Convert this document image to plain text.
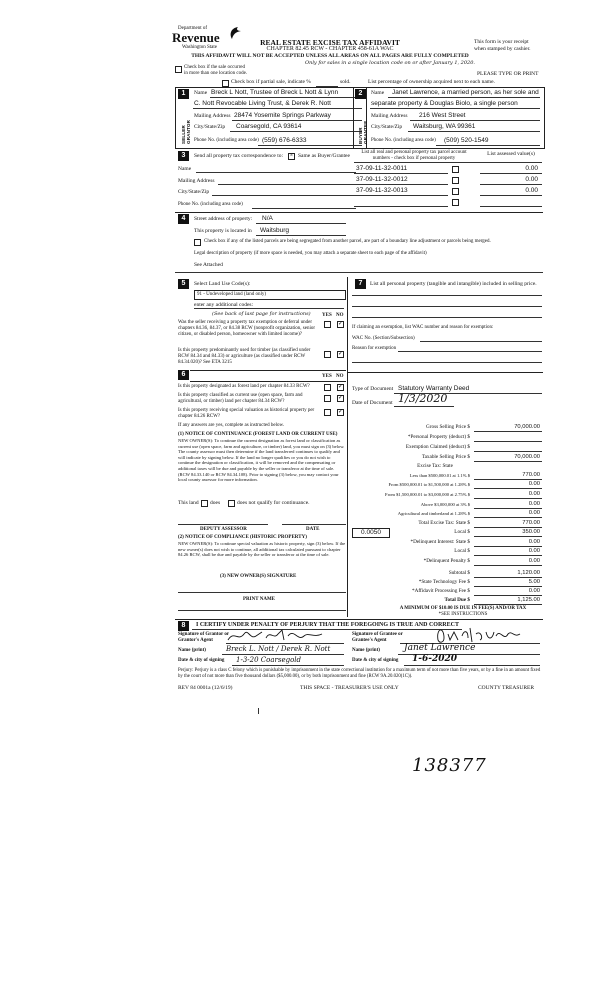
Department of
Revenue
Washington State
REAL ESTATE EXCISE TAX AFFIDAVIT
CHAPTER 82.45 RCW - CHAPTER 458-61A WAC
THIS AFFIDAVIT WILL NOT BE ACCEPTED UNLESS ALL AREAS ON ALL PAGES ARE FULLY COMPLETED
Only for sales in a single location code on or after January 1, 2020.
This form is your receipt
when stamped by cashier.
PLEASE TYPE OR PRINT
Check box if the sale occurred in more than one location code.
Check box if partial sale, indicate %	sold.	List percentage of ownership acquired next to each name.
1
SELLER GRANTOR
Name Breck L Nott, Trustee of Breck L Nott & Lynn
C. Nott Revocable Living Trust, & Derek R. Nott
Mailing Address 28474 Yosemite Springs Parkway
City/State/Zip Coarsegold, CA 93614
Phone No. (including area code) (559) 676-6333
2
BUYER GRANTEE
Name Janet Lawrence, a married person, as her sole and
separate property & Douglas Biolo, a single person
Mailing Address 216 West Street
City/State/Zip Waitsburg, WA 99361
Phone No. (including area code) (509) 520-1549
3	Send all property tax correspondence to: × Same as Buyer/Grantee
Name
Mailing Address
City/State/Zip
Phone No. (including area code)
List all real and personal property tax parcel account numbers - check box if personal property
List assessed value(s)
37-09-11-32-0011	0.00
37-09-11-32-0012	0.00
37-09-11-32-0013	0.00
4	Street address of property: N/A
This property is located in Waitsburg
Check box if any of the listed parcels are being segregated from another parcel, are part of a boundary line adjustment or parcels being merged.
Legal description of property (if more space is needed, you may attach a separate sheet to each page of the affidavit)
See Attached
5	Select Land Use Code(s):
91 - Undeveloped land (land only)
enter any additional codes:
(See back of last page for instructions) YES NO
Was the seller receiving a property tax exemption or deferral under chapters 84.36, 84.37, or 84.38 RCW (nonprofit organization, senior citizen, or disabled person, homeowner with limited income)?
✓
Is this property predominantly used for timber (as classified under RCW 84.34 and 84.33) or agriculture (as classified under RCW 84.34.020)? See ETA 3215
✓
6	YES NO
Is this property designated as forest land per chapter 84.33 RCW?	✓
Is this property classified as current use (open space, farm and agricultural, or timber) land per chapter 84.34 RCW?
✓
Is this property receiving special valuation as historical property per chapter 84.26 RCW?
✓
If any answers are yes, complete as instructed below.
(1) NOTICE OF CONTINUANCE (FOREST LAND OR CURRENT USE)
NEW OWNER(S): To continue the current designation as forest land or classification as current use (open space, farm and agriculture, or timber) land, you must sign on (3) below. The county assessor must then determine if the land transferred continues to qualify and will indicate by signing below. If the land no longer qualifies or you do not wish to continue the designation or classification, it will be removed and the compensating or additional taxes will be due and payable by the seller or transferor at the time of sale. (RCW 84.33.140 or RCW 84.34.108). Prior to signing (3) below, you may contact your local county assessor for more information.
This land does	does not qualify for continuance.
DEPUTY ASSESSOR	DATE
(2) NOTICE OF COMPLIANCE (HISTORIC PROPERTY)
NEW OWNER(S): To continue special valuation as historic property, sign (3) below. If the new owner(s) does not wish to continue, all additional tax calculated pursuant to chapter 84.26 RCW, shall be due and payable by the seller or transferor at the time of sale.
(3) NEW OWNER(S) SIGNATURE
PRINT NAME
7	List all personal property (tangible and intangible) included in selling price.
If claiming an exemption, list WAC number and reason for exemption:
WAC No. (Section/Subsection)
Reason for exemption
Type of Document Statutory Warranty Deed
Date of Document 1/3/2020
Gross Selling Price $	70,000.00
*Personal Property (deduct) $
Exemption Claimed (deduct) $
Taxable Selling Price $	70,000.00
Excise Tax: State
Less than $500,000.01 at 1.1% $	770.00
From $500,000.01 to $1,500,000 at 1.28% $	0.00
From $1,500,000.01 to $3,000,000 at 2.75% $	0.00
Above $3,000,000 at 3% $	0.00
Agricultural and timberland at 1.28% $	0.00
Total Excise Tax: State $	770.00
Local $	350.00
*Delinquent Interest: State $	0.00
Local $	0.00
*Delinquent Penalty $	0.00
Subtotal $	1,120.00
*State Technology Fee $	5.00
*Affidavit Processing Fee $	0.00
Total Due $	1,125.00
0.0050
A MINIMUM OF $10.00 IS DUE IN FEE(S) AND/OR TAX
*SEE INSTRUCTIONS
8	I CERTIFY UNDER PENALTY OF PERJURY THAT THE FOREGOING IS TRUE AND CORRECT
Signature of Grantor or Grantor's Agent
Name (print)	Breck L. Nott / Derek R. Nott
Date & city of signing 1-3-20 Coarsegold
Signature of Grantee or Grantee's Agent
Name (print)	Janet Lawrence
Date & city of signing 1-6-2020
Perjury: Perjury is a class C felony which is punishable by imprisonment in the state correctional institution for a maximum term of not more than five years, or by a fine in an amount fixed by the court of not more than five thousand dollars ($5,000.00), or by both imprisonment and fine (RCW 9A.20.020(1C)).
REV 84 0001a (12/6/19)	THIS SPACE - TREASURER'S USE ONLY	COUNTY TREASURER
138377
